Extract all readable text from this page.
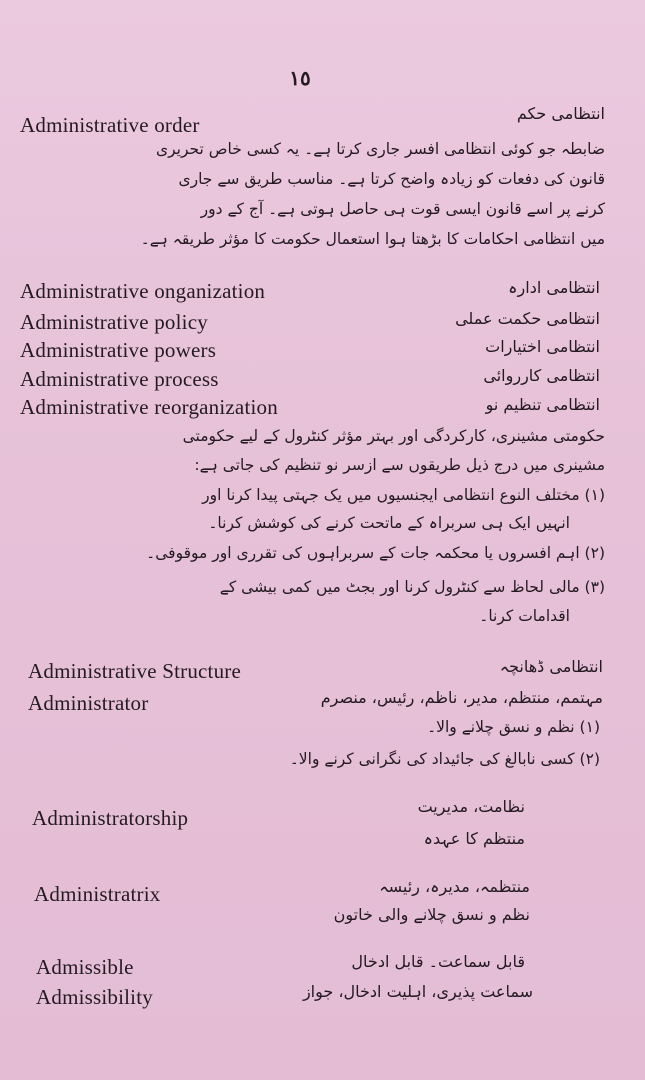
١٥
Administrative order	انتظامی حکم
ضابطہ جو کوئی انتظامی افسر جاری کرتا ہے۔ یہ کسی خاص تحریری
قانون کی دفعات کو زیادہ واضح کرتا ہے۔ مناسب طریق سے جاری
کرنے پر اسے قانون ایسی قوت ہی حاصل ہوتی ہے۔ آج کے دور
میں انتظامی احکامات کا بڑھتا ہوا استعمال حکومت کا مؤثر طریقہ ہے۔
Administrative onganization	انتظامی ادارہ
Administrative policy	انتظامی حکمت عملی
Administrative powers	انتظامی اختیارات
Administrative process	انتظامی کارروائی
Administrative reorganization	انتظامی تنظیم نو
حکومتی مشینری، کارکردگی اور بہتر مؤثر کنٹرول کے لیے حکومتی
مشینری میں درج ذیل طریقوں سے ازسر نو تنظیم کی جاتی ہے:
(۱) مختلف النوع انتظامی ایجنسیوں میں یک جہتی پیدا کرنا اور
انہیں ایک ہی سربراہ کے ماتحت کرنے کی کوشش کرنا۔
(۲) اہم افسروں یا محکمہ جات کے سربراہوں کی تقرری اور موقوفی۔
(۳) مالی لحاظ سے کنٹرول کرنا اور بجٹ میں کمی بیشی کے
اقدامات کرنا۔
Administrative Structure	انتظامی ڈھانچہ
Administrator	مہتمم، منتظم، مدیر، ناظم، رئیس، منصرم
(۱) نظم و نسق چلانے والا۔
(۲) کسی نابالغ کی جائیداد کی نگرانی کرنے والا۔
Administratorship	نظامت، مدیریت
منتظم کا عہدہ
Administratrix	منتظمہ، مدیرہ، رئیسہ
نظم و نسق چلانے والی خاتون
Admissible	قابل سماعت۔ قابل ادخال
Admissibility	سماعت پذیری، اہلیت ادخال، جواز
